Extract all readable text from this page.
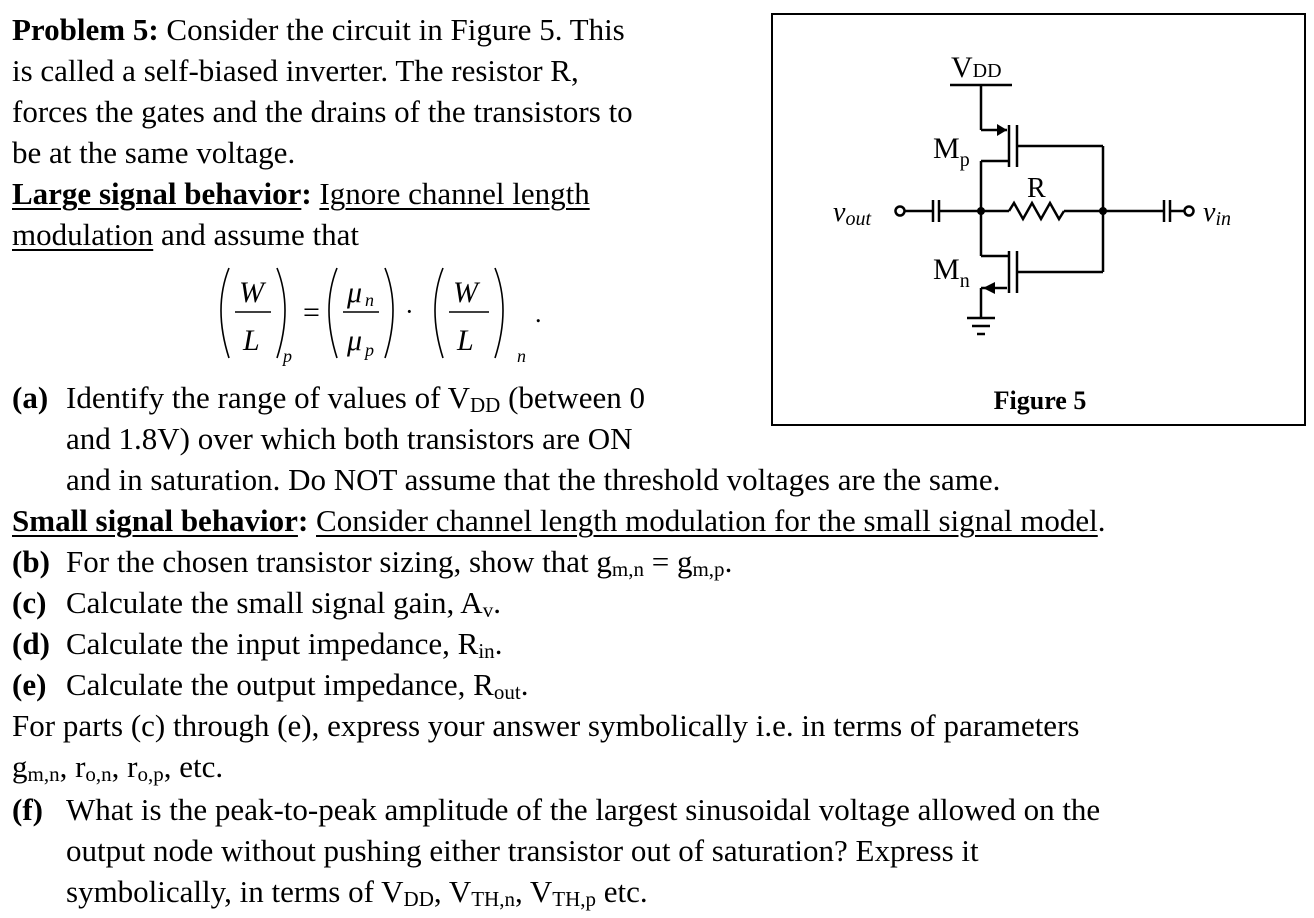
Problem 5: Consider the circuit in Figure 5. This
is called a self-biased inverter. The resistor R,
forces the gates and the drains of the transistors to
be at the same voltage.
Large signal behavior: Ignore channel length
modulation and assume that
W
L p
=
μ n
μ p
·
W
L n
.
(a) Identify the range of values of $V_{DD}$ (between 0
and 1.8V) over which both transistors are ON
and in saturation. Do NOT assume that the threshold voltages are the same.
Small signal behavior: Consider channel length modulation for the small signal model.
(b) For the chosen transistor sizing, show that $g_{m,n} = g_{m,p}$.
(c) Calculate the small signal gain, $A_v$.
(d) Calculate the input impedance, $R_{in}$.
(e) Calculate the output impedance, $R_{out}$.
For parts (c) through (e), express your answer symbolically i.e. in terms of parameters
$g_{m,n}$, $r_{o,n}$, $r_{o,p}$, etc.
(f) What is the peak-to-peak amplitude of the largest sinusoidal voltage allowed on the
output node without pushing either transistor out of saturation? Express it
symbolically, in terms of $V_{DD}$, $V_{TH,n}$, $V_{TH,p}$ etc.
VDD
$M_p$
R
$M_n$
vout	vin
Figure 5
